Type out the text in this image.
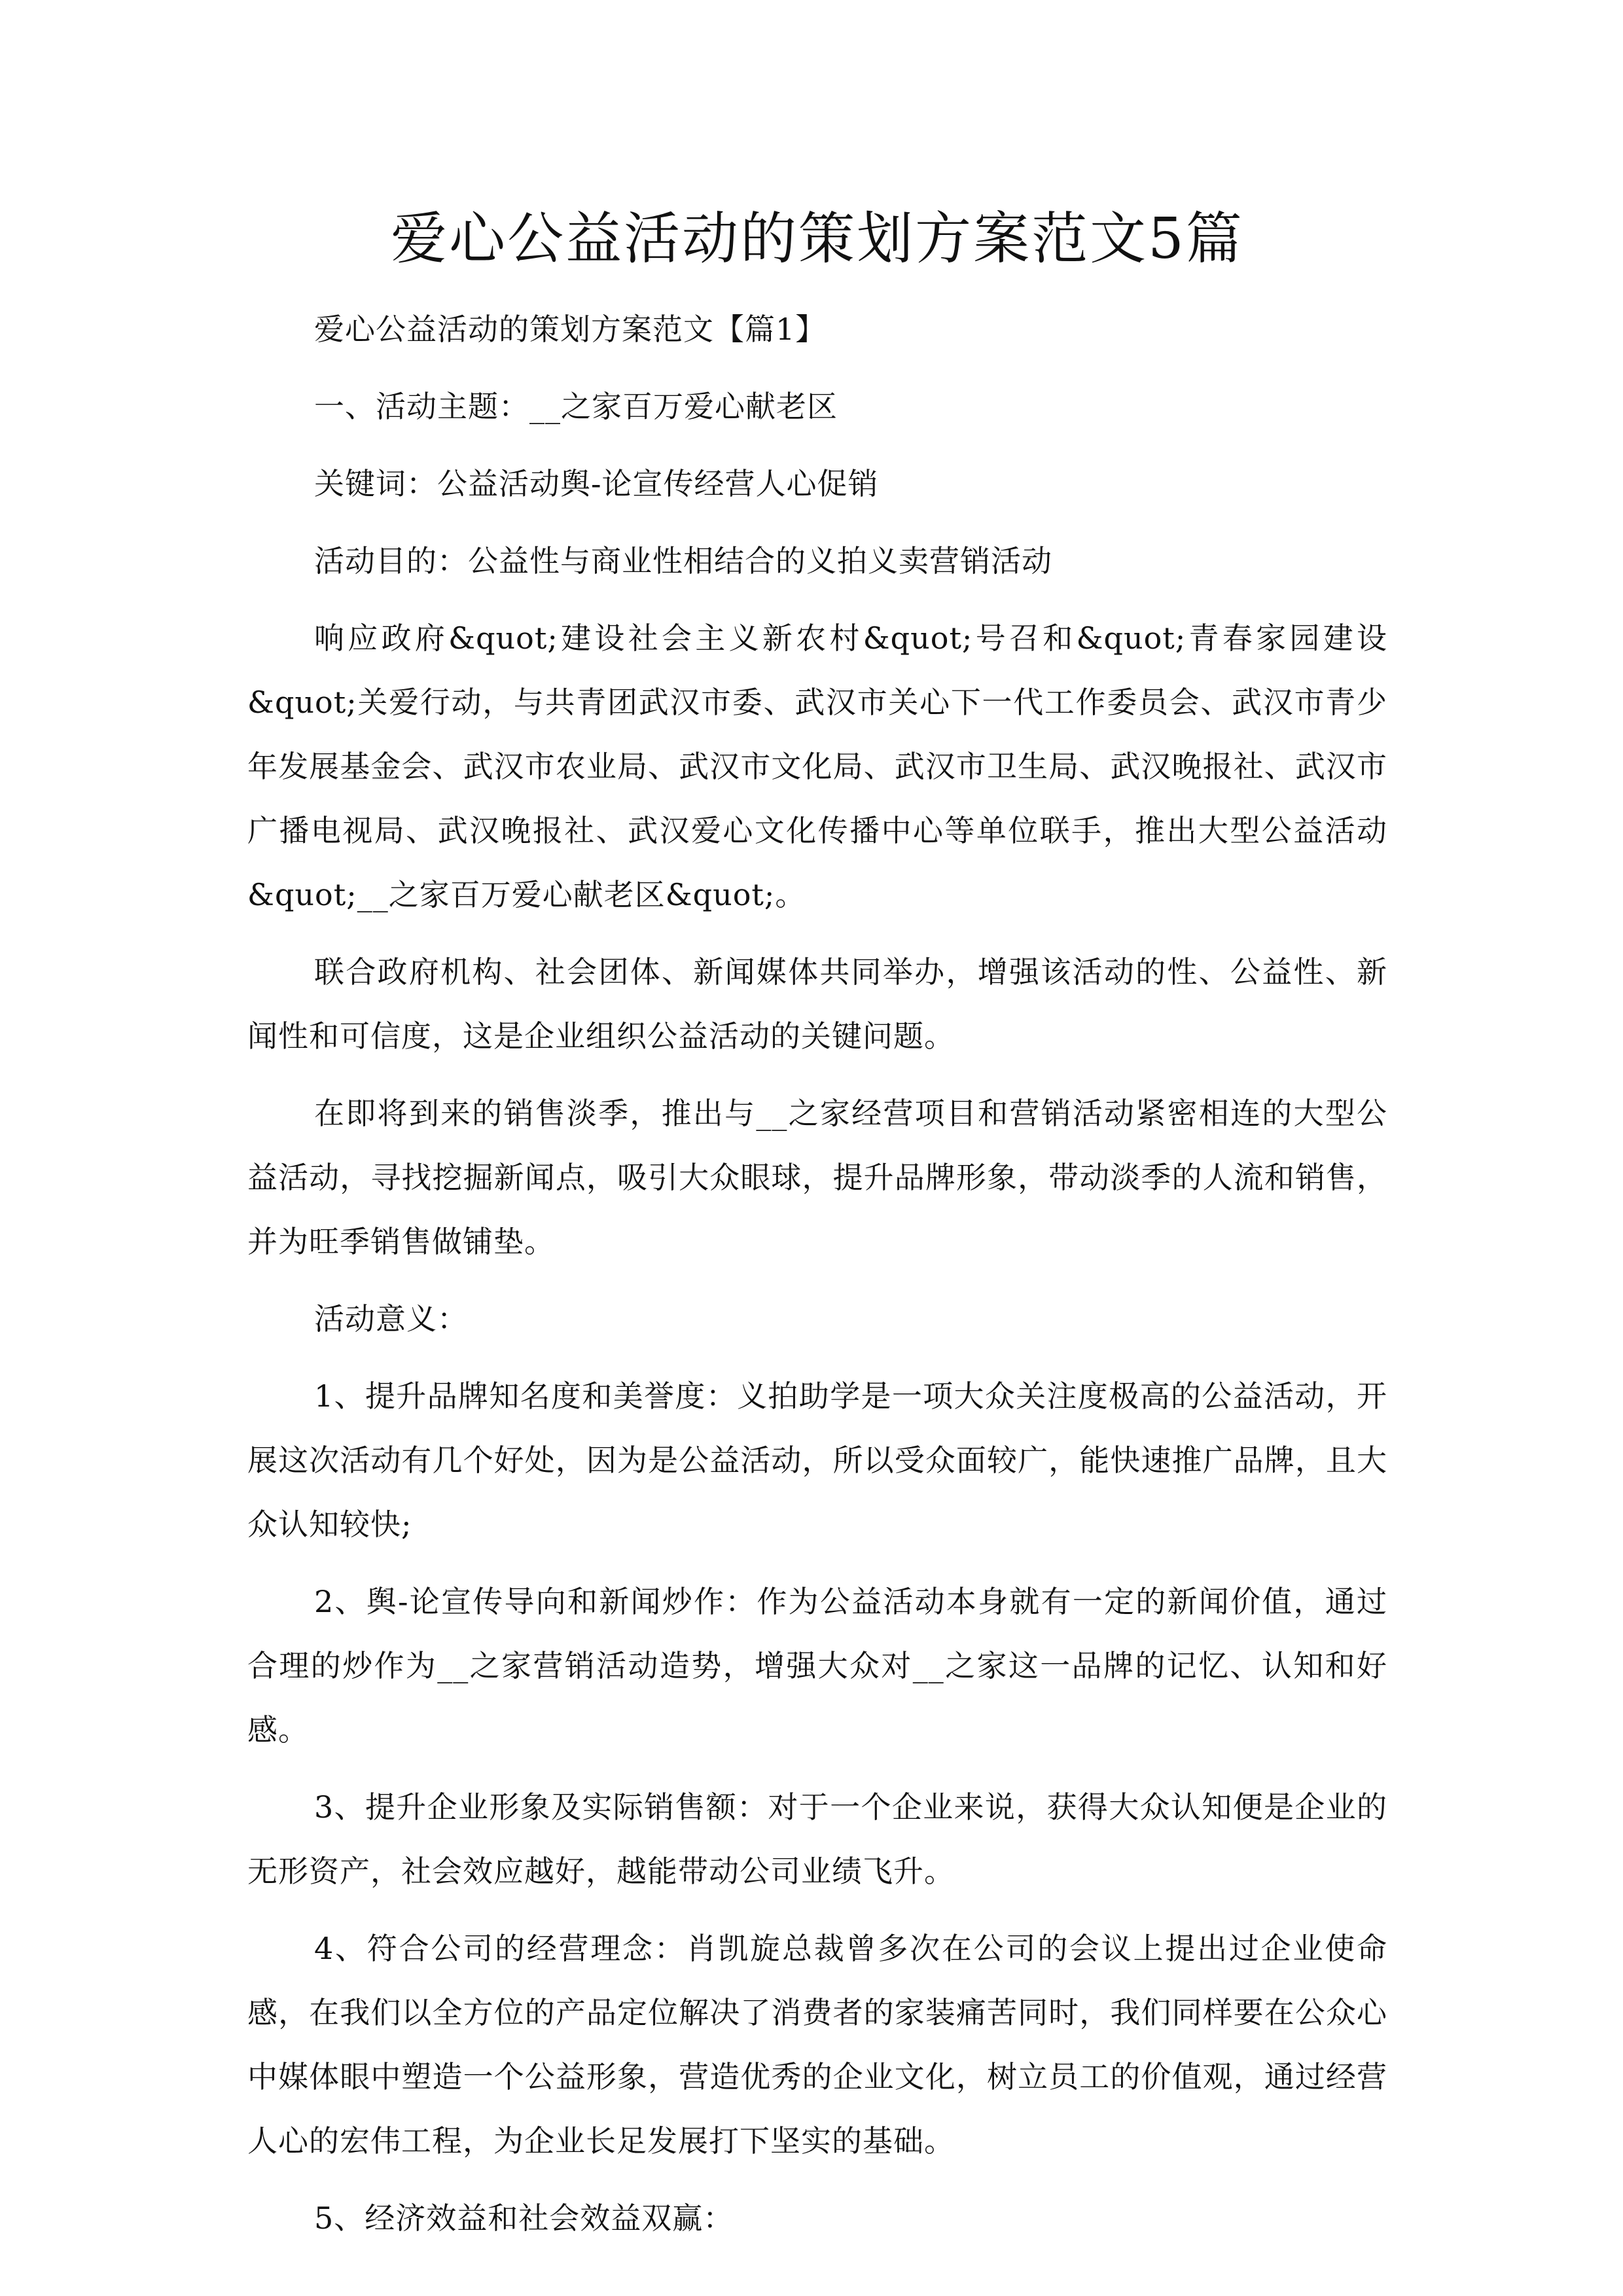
爱心公益活动的策划方案范文5篇

爱心公益活动的策划方案范文【篇1】

一、活动主题：__之家百万爱心献老区

关键词：公益活动舆-论宣传经营人心促销

活动目的：公益性与商业性相结合的义拍义卖营销活动

响应政府&quot;建设社会主义新农村&quot;号召和&quot;青春家园建设&quot;关爱行动，与共青团武汉市委、武汉市关心下一代工作委员会、武汉市青少年发展基金会、武汉市农业局、武汉市文化局、武汉市卫生局、武汉晚报社、武汉市广播电视局、武汉晚报社、武汉爱心文化传播中心等单位联手，推出大型公益活动&quot;__之家百万爱心献老区&quot;。

联合政府机构、社会团体、新闻媒体共同举办，增强该活动的性、公益性、新闻性和可信度，这是企业组织公益活动的关键问题。

在即将到来的销售淡季，推出与__之家经营项目和营销活动紧密相连的大型公益活动，寻找挖掘新闻点，吸引大众眼球，提升品牌形象，带动淡季的人流和销售，并为旺季销售做铺垫。

活动意义：

1、提升品牌知名度和美誉度：义拍助学是一项大众关注度极高的公益活动，开展这次活动有几个好处，因为是公益活动，所以受众面较广，能快速推广品牌，且大众认知较快;

2、舆-论宣传导向和新闻炒作：作为公益活动本身就有一定的新闻价值，通过合理的炒作为__之家营销活动造势，增强大众对__之家这一品牌的记忆、认知和好感。

3、提升企业形象及实际销售额：对于一个企业来说，获得大众认知便是企业的无形资产，社会效应越好，越能带动公司业绩飞升。

4、符合公司的经营理念：肖凯旋总裁曾多次在公司的会议上提出过企业使命感，在我们以全方位的产品定位解决了消费者的家装痛苦同时，我们同样要在公众心中媒体眼中塑造一个公益形象，营造优秀的企业文化，树立员工的价值观，通过经营人心的宏伟工程，为企业长足发展打下坚实的基础。

5、经济效益和社会效益双赢：
